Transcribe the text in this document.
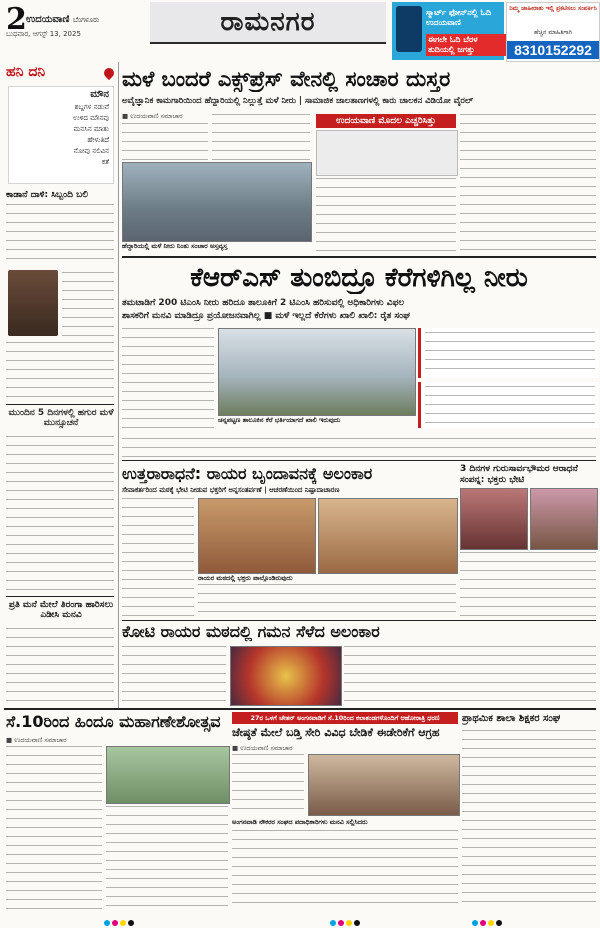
2 ಉದಯವಾಣಿ ಬೆಂಗಳೂರು
ಬುಧವಾರ, ಆಗಸ್ಟ್ 13, 2025	ರಾಮನಗರ	ಸ್ಮಾರ್ಟ್ ಫೋನ್‌ನಲ್ಲಿ ಓದಿ ಉದಯವಾಣಿ
ಈಗಲೇ ಓದಿ ಬೆರಳ ತುದಿಯಲ್ಲಿ ಜಗತ್ತು
ನಿಮ್ಮ ಜಾಹೀರಾತು ಇಲ್ಲಿ ಪ್ರಕಟಿಸಲು ಸಂಪರ್ಕಿಸಿ
ಹೆಚ್ಚಿನ ಮಾಹಿತಿಗಾಗಿ
8310152292
ಹನಿ ದನಿ
ಮೌನ
ಶಬ್ದಗಳ ನಡುವೆ
ಉಳಿದ ಮೌನವು
ಮನಸಿನ ಮಾತು
ಹೇಳುತಿದೆ
ನೋವು ನಲಿವಿನ
ಕತೆ
ಕಾಡಾನೆ ದಾಳಿ: ಸಿಬ್ಬಂದಿ ಬಲಿ
ಮುಂದಿನ 5 ದಿನಗಳಲ್ಲಿ ಹಗುರ ಮಳೆ ಮುನ್ಸೂಚನೆ
ಪ್ರತಿ ಮನೆ ಮೇಲೆ ತಿರಂಗಾ ಹಾರಿಸಲು ಎಡೀಸಿ ಮನವಿ
ಮಳೆ ಬಂದರೆ ಎಕ್ಸ್‌ಪ್ರೆಸ್ ವೇನಲ್ಲಿ ಸಂಚಾರ ದುಸ್ತರ
ಅವೈಜ್ಞಾನಿಕ ಕಾಮಗಾರಿಯಿಂದ ಹೆದ್ದಾರಿಯಲ್ಲಿ ನಿಲ್ಲುತ್ತೆ ಮಳೆ ನೀರು | ಸಾಮಾಜಿಕ ಜಾಲತಾಣಗಳಲ್ಲಿ ಕಾರು ಚಾಲಕನ ವಿಡಿಯೋ ವೈರಲ್
■ ಉದಯವಾಣಿ ಸಮಾಚಾರ
ಹೆದ್ದಾರಿಯಲ್ಲಿ ಮಳೆ ನೀರು ನಿಂತು ಸಂಚಾರ ಅಸ್ತವ್ಯಸ್ತ
ಉದಯವಾಣಿ ಮೊದಲ ಎಚ್ಚರಿಸಿತ್ತು
ಕೆಆರ್‌ಎಸ್ ತುಂಬಿದ್ರೂ ಕೆರೆಗಳಿಗಿಲ್ಲ ನೀರು
ತಮಟಾಡಿಗೆ 200 ಟಿಎಂಸಿ ನೀರು ಹರಿದೂ ತಾಲೂಕಿಗೆ 2 ಟಿಎಂಸಿ ಹರಿಸುವಲ್ಲಿ ಅಧಿಕಾರಿಗಳು ವಿಫಲ
ಶಾಸಕರಿಗೆ ಮನವಿ ಮಾಡಿದ್ರೂ ಪ್ರಯೋಜನವಾಗಿಲ್ಲ ■ ಮಳೆ ಇಲ್ಲದೆ ಕೆರೆಗಳು ಖಾಲಿ ಖಾಲಿ: ರೈತ ಸಂಘ
ಚನ್ನಪಟ್ಟಣ ತಾಲೂಕಿನ ಕೆರೆ ಭರ್ತಿಯಾಗದೆ ಖಾಲಿ ಇರುವುದು
ಉತ್ತರಾರಾಧನೆ: ರಾಯರ ಬೃಂದಾವನಕ್ಕೆ ಅಲಂಕಾರ
ಸೇವಾಕರ್ತರಿಂದ ಮಠಕ್ಕೆ ಭೇಟಿ ನೀಡುವ ಭಕ್ತರಿಗೆ ಅನ್ನಸಂತರ್ಪಣೆ | ಆಚರಣೆಯಿಂದ ನಿಷ್ಪಾದಾಚಾರಣ
ರಾಯರ ಮಠದಲ್ಲಿ ಭಕ್ತರು ಪಾಲ್ಗೊಂಡಿರುವುದು
3 ದಿನಗಳ ಗುರುಸಾರ್ವಭೌಮರ ಆರಾಧನೆ ಸಂಪನ್ನ: ಭಕ್ತರು ಭೇಟಿ
ಕೋಟಿ ರಾಯರ ಮಠದಲ್ಲಿ ಗಮನ ಸೆಳೆದ ಅಲಂಕಾರ
ಸೆ.10ರಿಂದ ಹಿಂದೂ ಮಹಾಗಣೇಶೋತ್ಸವ
■ ಉದಯವಾಣಿ ಸಮಾಚಾರ
27ರ ಒಳಗೆ ಚೇತನ್ ಅಂಗನವಾಡಿಗೆ ಸೆ.10ರಿಂದ ಕಲಾತಂಡಗಳೊಂದಿಗೆ ಆಹೋರಾತ್ರಿ ಧರಣಿ
ಜೇಷ್ಠತೆ ಮೇಲೆ ಬಡ್ತಿ ಸೇರಿ ವಿವಿಧ ಬೇಡಿಕೆ ಈಡೇರಿಕೆಗೆ ಆಗ್ರಹ
■ ಉದಯವಾಣಿ ಸಮಾಚಾರ
ಅಂಗನವಾಡಿ ನೌಕರರ ಸಂಘದ ಪದಾಧಿಕಾರಿಗಳು ಮನವಿ ಸಲ್ಲಿಸಿದರು
ಪ್ರಾಥಮಿಕ ಶಾಲಾ ಶಿಕ್ಷಕರ ಸಂಘ
